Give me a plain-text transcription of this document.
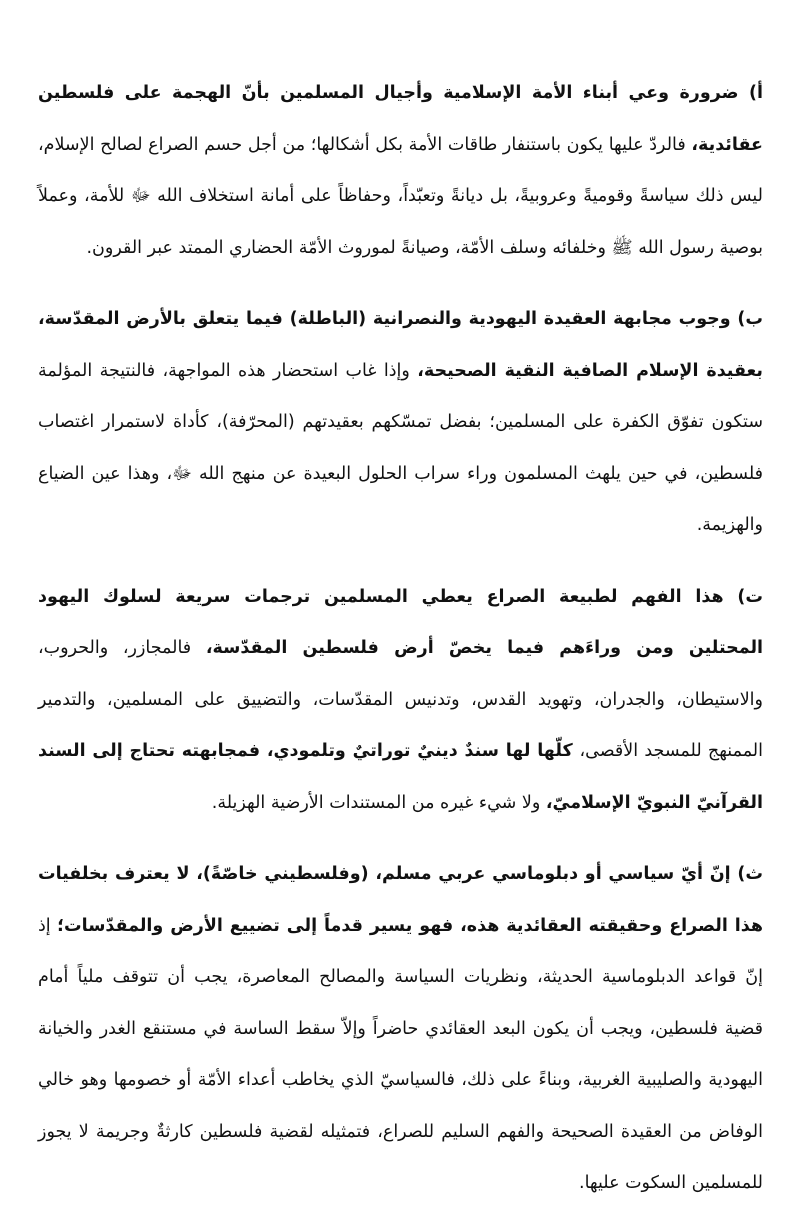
أ) ضرورة وعي أبناء الأمة الإسلامية وأجيال المسلمين بأنّ الهجمة على فلسطين عقائدية، فالردّ عليها يكون باستنفار طاقات الأمة بكل أشكالها؛ من أجل حسم الصراع لصالح الإسلام، ليس ذلك سياسةً وقوميةً وعروبيةً، بل ديانةً وتعبّداً، وحفاظاً على أمانة استخلاف الله ﷻ للأمة، وعملاً بوصية رسول الله ﷺ وخلفائه وسلف الأمّة، وصيانةً لموروث الأمّة الحضاري الممتد عبر القرون.

ب) وجوب مجابهة العقيدة اليهودية والنصرانية (الباطلة) فيما يتعلق بالأرض المقدّسة، بعقيدة الإسلام الصافية النقية الصحيحة، وإذا غاب استحضار هذه المواجهة، فالنتيجة المؤلمة ستكون تفوّق الكفرة على المسلمين؛ بفضل تمسّكهم بعقيدتهم (المحرّفة)، كأداة لاستمرار اغتصاب فلسطين، في حين يلهث المسلمون وراء سراب الحلول البعيدة عن منهج الله ﷻ، وهذا عين الضياع والهزيمة.

ت) هذا الفهم لطبيعة الصراع يعطي المسلمين ترجمات سريعة لسلوك اليهود المحتلين ومن وراءَهم فيما يخصّ أرض فلسطين المقدّسة، فالمجازر، والحروب، والاستيطان، والجدران، وتهويد القدس، وتدنيس المقدّسات، والتضييق على المسلمين، والتدمير الممنهج للمسجد الأقصى، كلّها لها سندٌ دينيٌ توراتيٌ وتلمودي، فمجابهته تحتاج إلى السند القرآنيّ النبويّ الإسلاميّ، ولا شيء غيره من المستندات الأرضية الهزيلة.

ث) إنّ أيّ سياسي أو دبلوماسي عربي مسلم، (وفلسطيني خاصّةً)، لا يعترف بخلفيات هذا الصراع وحقيقته العقائدية هذه، فهو يسير قدماً إلى تضييع الأرض والمقدّسات؛ إذ إنّ قواعد الدبلوماسية الحديثة، ونظريات السياسة والمصالح المعاصرة، يجب أن تتوقف ملياً أمام قضية فلسطين، ويجب أن يكون البعد العقائدي حاضراً وإلاّ سقط الساسة في مستنقع الغدر والخيانة اليهودية والصليبية الغربية، وبناءً على ذلك، فالسياسيّ الذي يخاطب أعداء الأمّة أو خصومها وهو خالي الوفاض من العقيدة الصحيحة والفهم السليم للصراع، فتمثيله لقضية فلسطين كارثةٌ وجريمة لا يجوز للمسلمين السكوت عليها.
